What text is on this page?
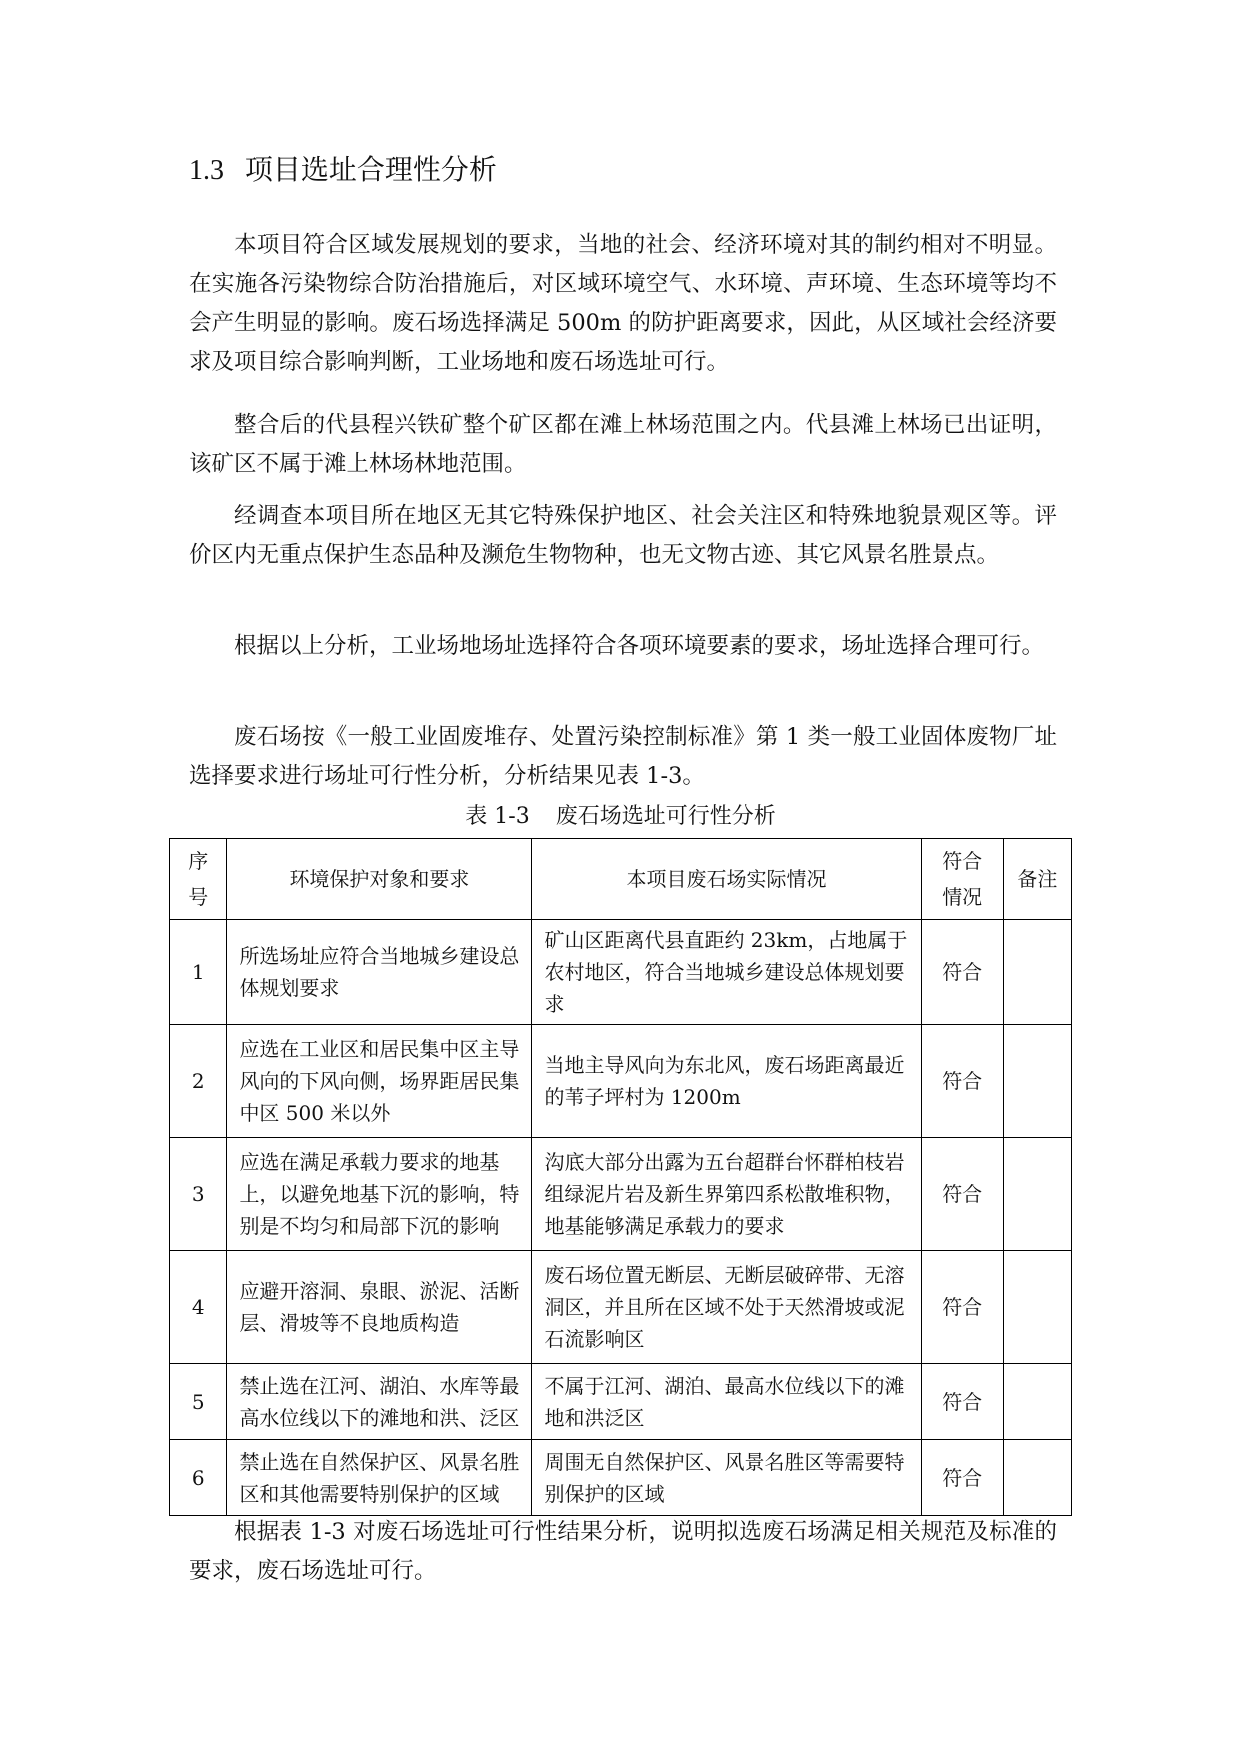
1.3 项目选址合理性分析

本项目符合区域发展规划的要求，当地的社会、经济环境对其的制约相对不明显。在实施各污染物综合防治措施后，对区域环境空气、水环境、声环境、生态环境等均不会产生明显的影响。废石场选择满足 500m 的防护距离要求，因此，从区域社会经济要求及项目综合影响判断，工业场地和废石场选址可行。

整合后的代县程兴铁矿整个矿区都在滩上林场范围之内。代县滩上林场已出证明，该矿区不属于滩上林场林地范围。

经调查本项目所在地区无其它特殊保护地区、社会关注区和特殊地貌景观区等。评价区内无重点保护生态品种及濒危生物物种，也无文物古迹、其它风景名胜景点。

根据以上分析，工业场地场址选择符合各项环境要素的要求，场址选择合理可行。

废石场按《一般工业固废堆存、处置污染控制标准》第 1 类一般工业固体废物厂址选择要求进行场址可行性分析，分析结果见表 1-3。

表 1-3 废石场选址可行性分析
序号	环境保护对象和要求	本项目废石场实际情况	符合情况	备注
1	所选场址应符合当地城乡建设总体规划要求	矿山区距离代县直距约 23km，占地属于农村地区，符合当地城乡建设总体规划要求	符合	
2	应选在工业区和居民集中区主导风向的下风向侧，场界距居民集中区 500 米以外	当地主导风向为东北风，废石场距离最近的苇子坪村为 1200m	符合	
3	应选在满足承载力要求的地基上，以避免地基下沉的影响，特别是不均匀和局部下沉的影响	沟底大部分出露为五台超群台怀群柏枝岩组绿泥片岩及新生界第四系松散堆积物，地基能够满足承载力的要求	符合	
4	应避开溶洞、泉眼、淤泥、活断层、滑坡等不良地质构造	废石场位置无断层、无断层破碎带、无溶洞区，并且所在区域不处于天然滑坡或泥石流影响区	符合	
5	禁止选在江河、湖泊、水库等最高水位线以下的滩地和洪、泛区	不属于江河、湖泊、最高水位线以下的滩地和洪泛区	符合	
6	禁止选在自然保护区、风景名胜区和其他需要特别保护的区域	周围无自然保护区、风景名胜区等需要特别保护的区域	符合	

根据表 1-3 对废石场选址可行性结果分析，说明拟选废石场满足相关规范及标准的要求，废石场选址可行。
